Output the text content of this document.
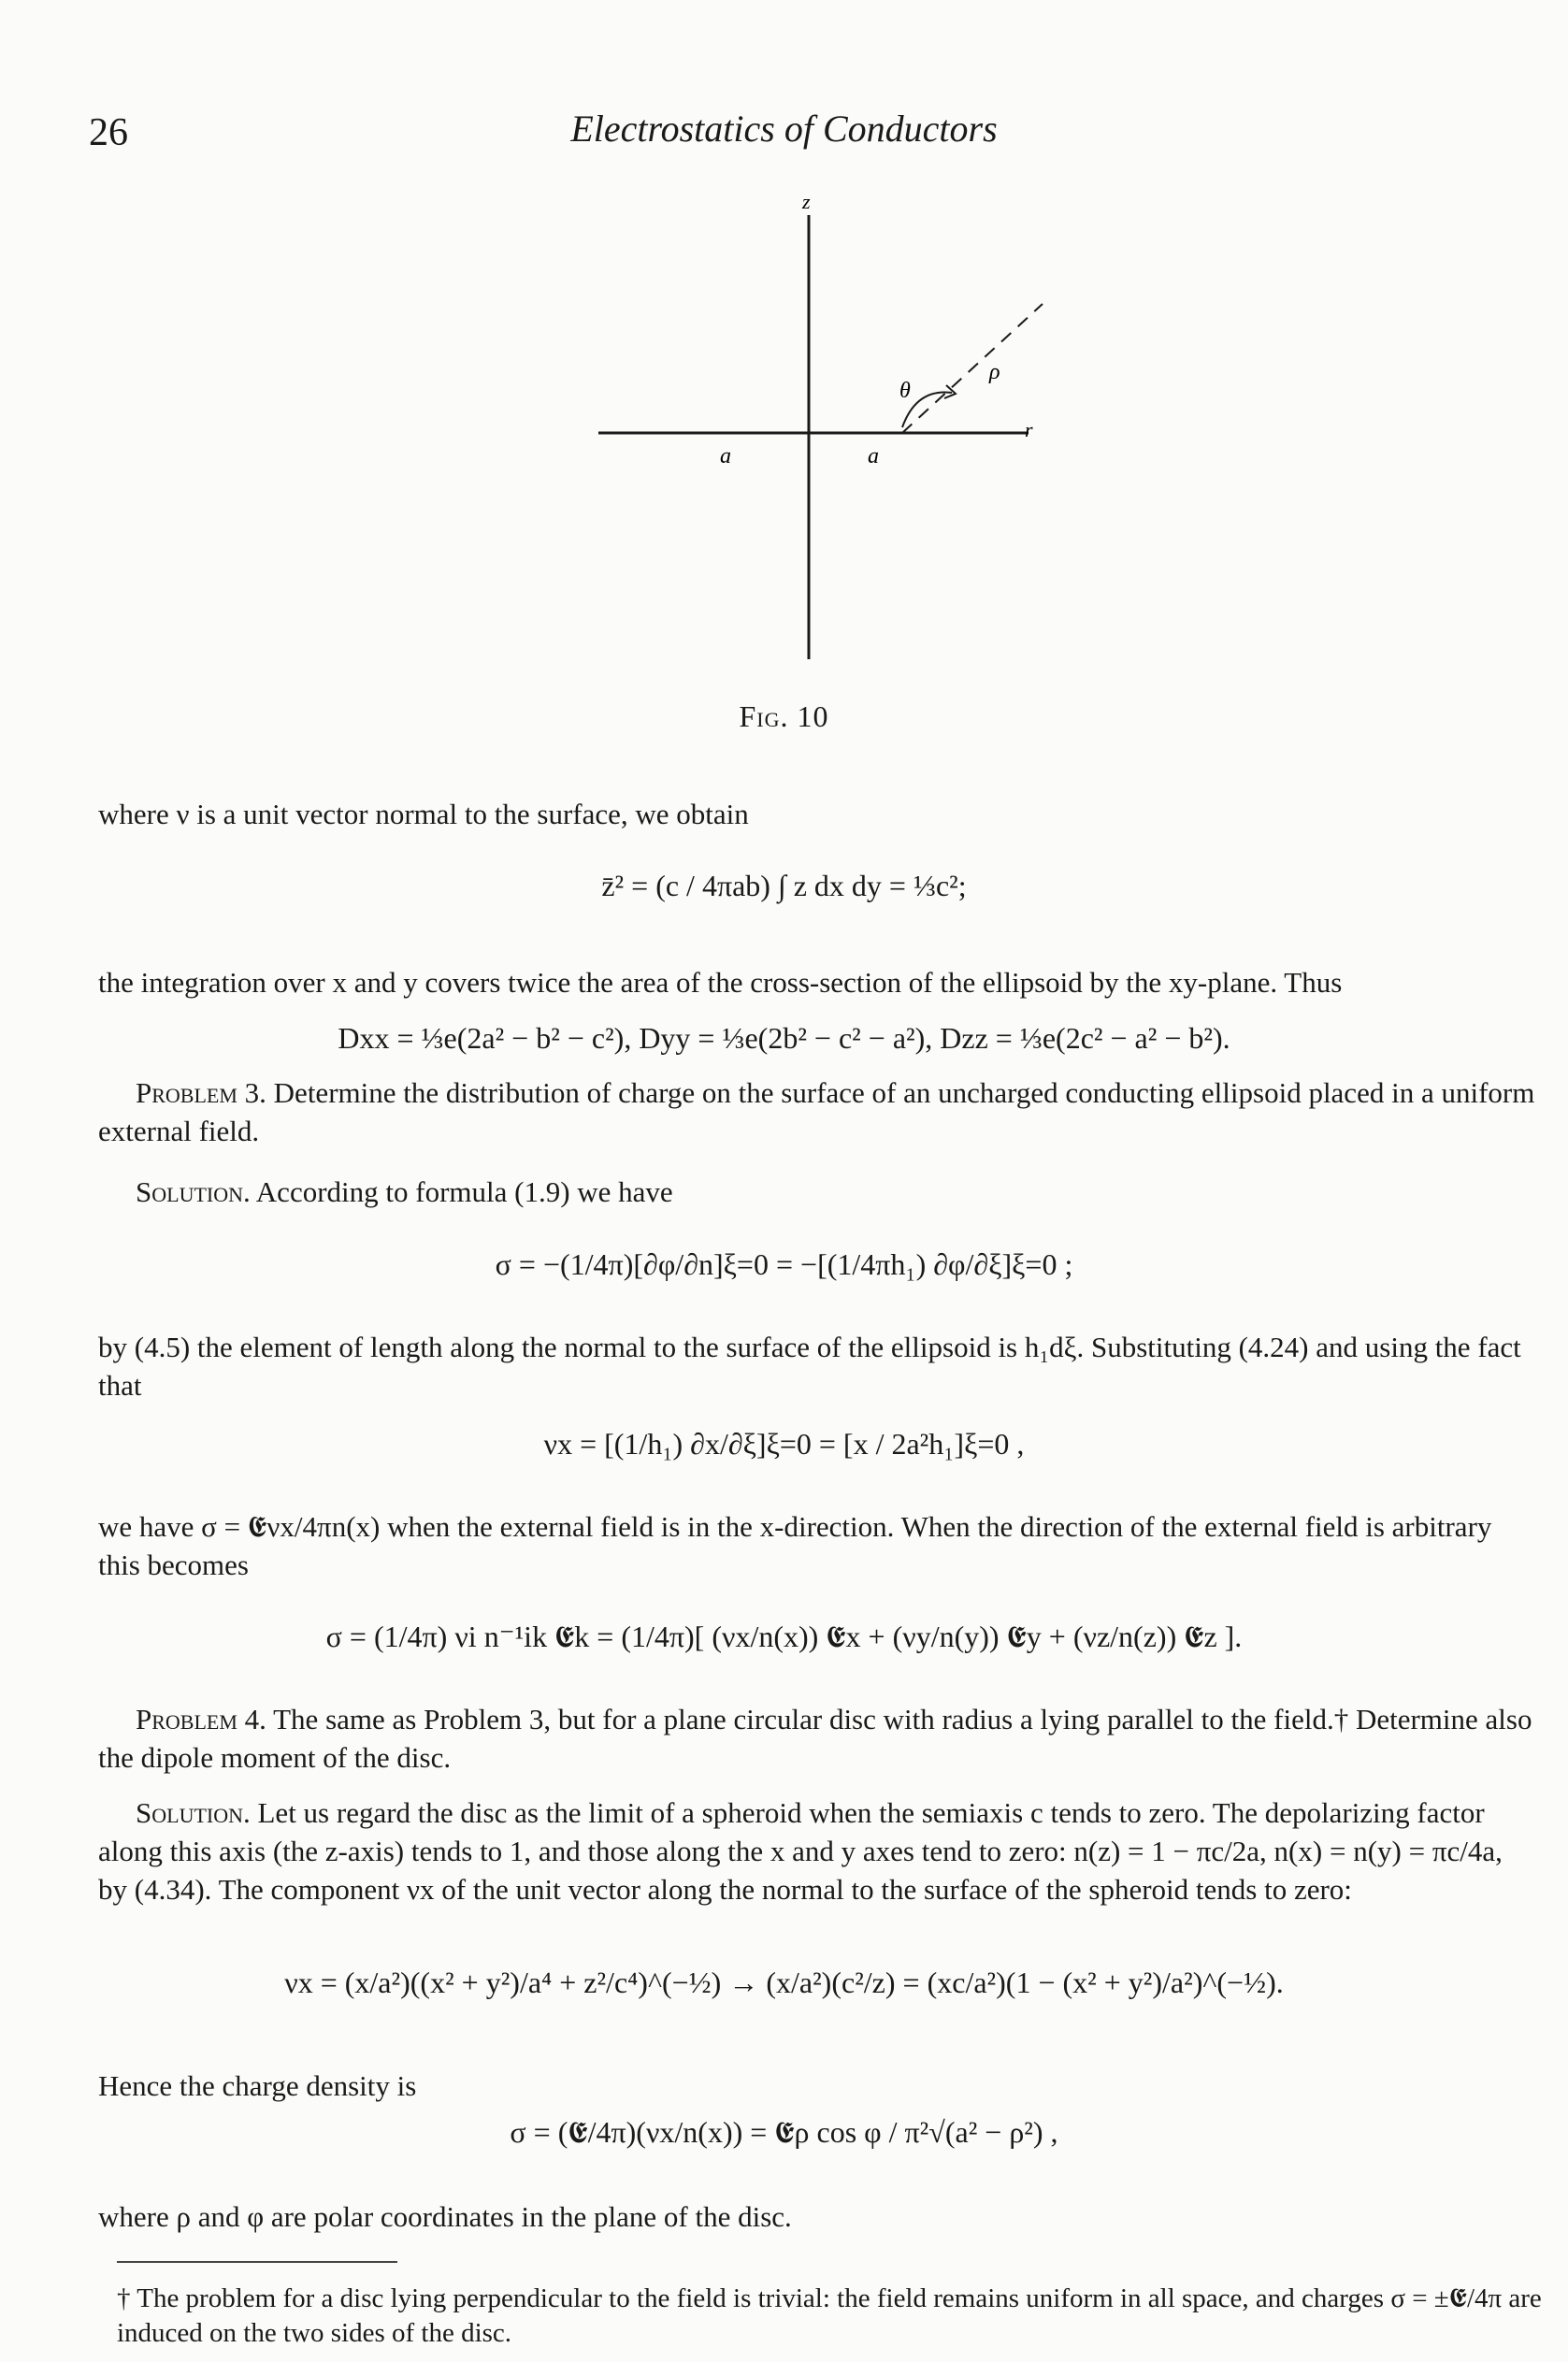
26	Electrostatics of Conductors
z
r
a	a
θ
ρ
Fig. 10
where ν is a unit vector normal to the surface, we obtain
z̄² = (c / 4πab) ∫ z dx dy = ⅓c²;
the integration over x and y covers twice the area of the cross-section of the ellipsoid by the xy-plane. Thus
Dxx = ⅓e(2a² − b² − c²), Dyy = ⅓e(2b² − c² − a²), Dzz = ⅓e(2c² − a² − b²).
Problem 3. Determine the distribution of charge on the surface of an uncharged conducting ellipsoid placed in a uniform external field.
Solution. According to formula (1.9) we have
σ = −(1/4π)[∂φ/∂n]ξ=0 = −[(1/4πh₁) ∂φ/∂ξ]ξ=0 ;
by (4.5) the element of length along the normal to the surface of the ellipsoid is h₁dξ. Substituting (4.24) and using the fact that
νx = [(1/h₁) ∂x/∂ξ]ξ=0 = [x / 2a²h₁]ξ=0 ,
we have σ = 𝕰νx/4πn(x) when the external field is in the x-direction. When the direction of the external field is arbitrary this becomes
σ = (1/4π) νi n⁻¹ik 𝕰k = (1/4π)[ (νx/n(x)) 𝕰x + (νy/n(y)) 𝕰y + (νz/n(z)) 𝕰z ].
Problem 4. The same as Problem 3, but for a plane circular disc with radius a lying parallel to the field.† Determine also the dipole moment of the disc.
Solution. Let us regard the disc as the limit of a spheroid when the semiaxis c tends to zero. The depolarizing factor along this axis (the z-axis) tends to 1, and those along the x and y axes tend to zero: n(z) = 1 − πc/2a, n(x) = n(y) = πc/4a, by (4.34). The component νx of the unit vector along the normal to the surface of the spheroid tends to zero:
νx = (x/a²)((x² + y²)/a⁴ + z²/c⁴)^(−½) → (x/a²)(c²/z) = (xc/a²)(1 − (x² + y²)/a²)^(−½).
Hence the charge density is
σ = (𝕰/4π)(νx/n(x)) = 𝕰ρ cos φ / π²√(a² − ρ²) ,
where ρ and φ are polar coordinates in the plane of the disc.
† The problem for a disc lying perpendicular to the field is trivial: the field remains uniform in all space, and charges σ = ±𝕰/4π are induced on the two sides of the disc.
